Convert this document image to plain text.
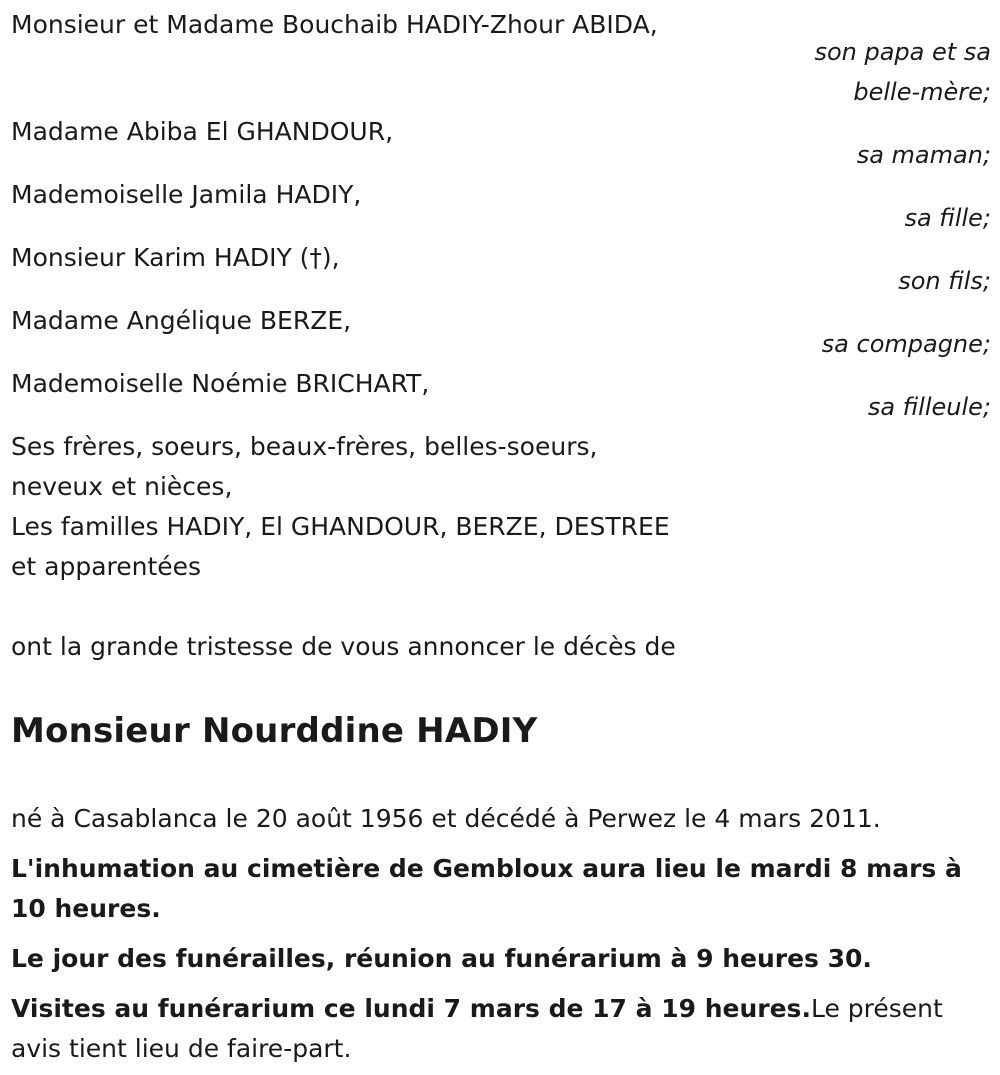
Monsieur et Madame Bouchaib HADIY-Zhour ABIDA,
son papa et sa belle-mère;
Madame Abiba El GHANDOUR,
sa maman;
Mademoiselle Jamila HADIY,
sa fille;
Monsieur Karim HADIY (†),
son fils;
Madame Angélique BERZE,
sa compagne;
Mademoiselle Noémie BRICHART,
sa filleule;
Ses frères, soeurs, beaux-frères, belles-soeurs,
neveux et nièces,
Les familles HADIY, El GHANDOUR, BERZE, DESTREE
et apparentées
ont la grande tristesse de vous annoncer le décès de
Monsieur Nourddine HADIY
né à Casablanca le 20 août 1956 et décédé à Perwez le 4 mars 2011.
L'inhumation au cimetière de Gembloux aura lieu le mardi 8 mars à 10 heures.
Le jour des funérailles, réunion au funérarium à 9 heures 30.
Visites au funérarium ce lundi 7 mars de 17 à 19 heures.Le présent avis tient lieu de faire-part.
